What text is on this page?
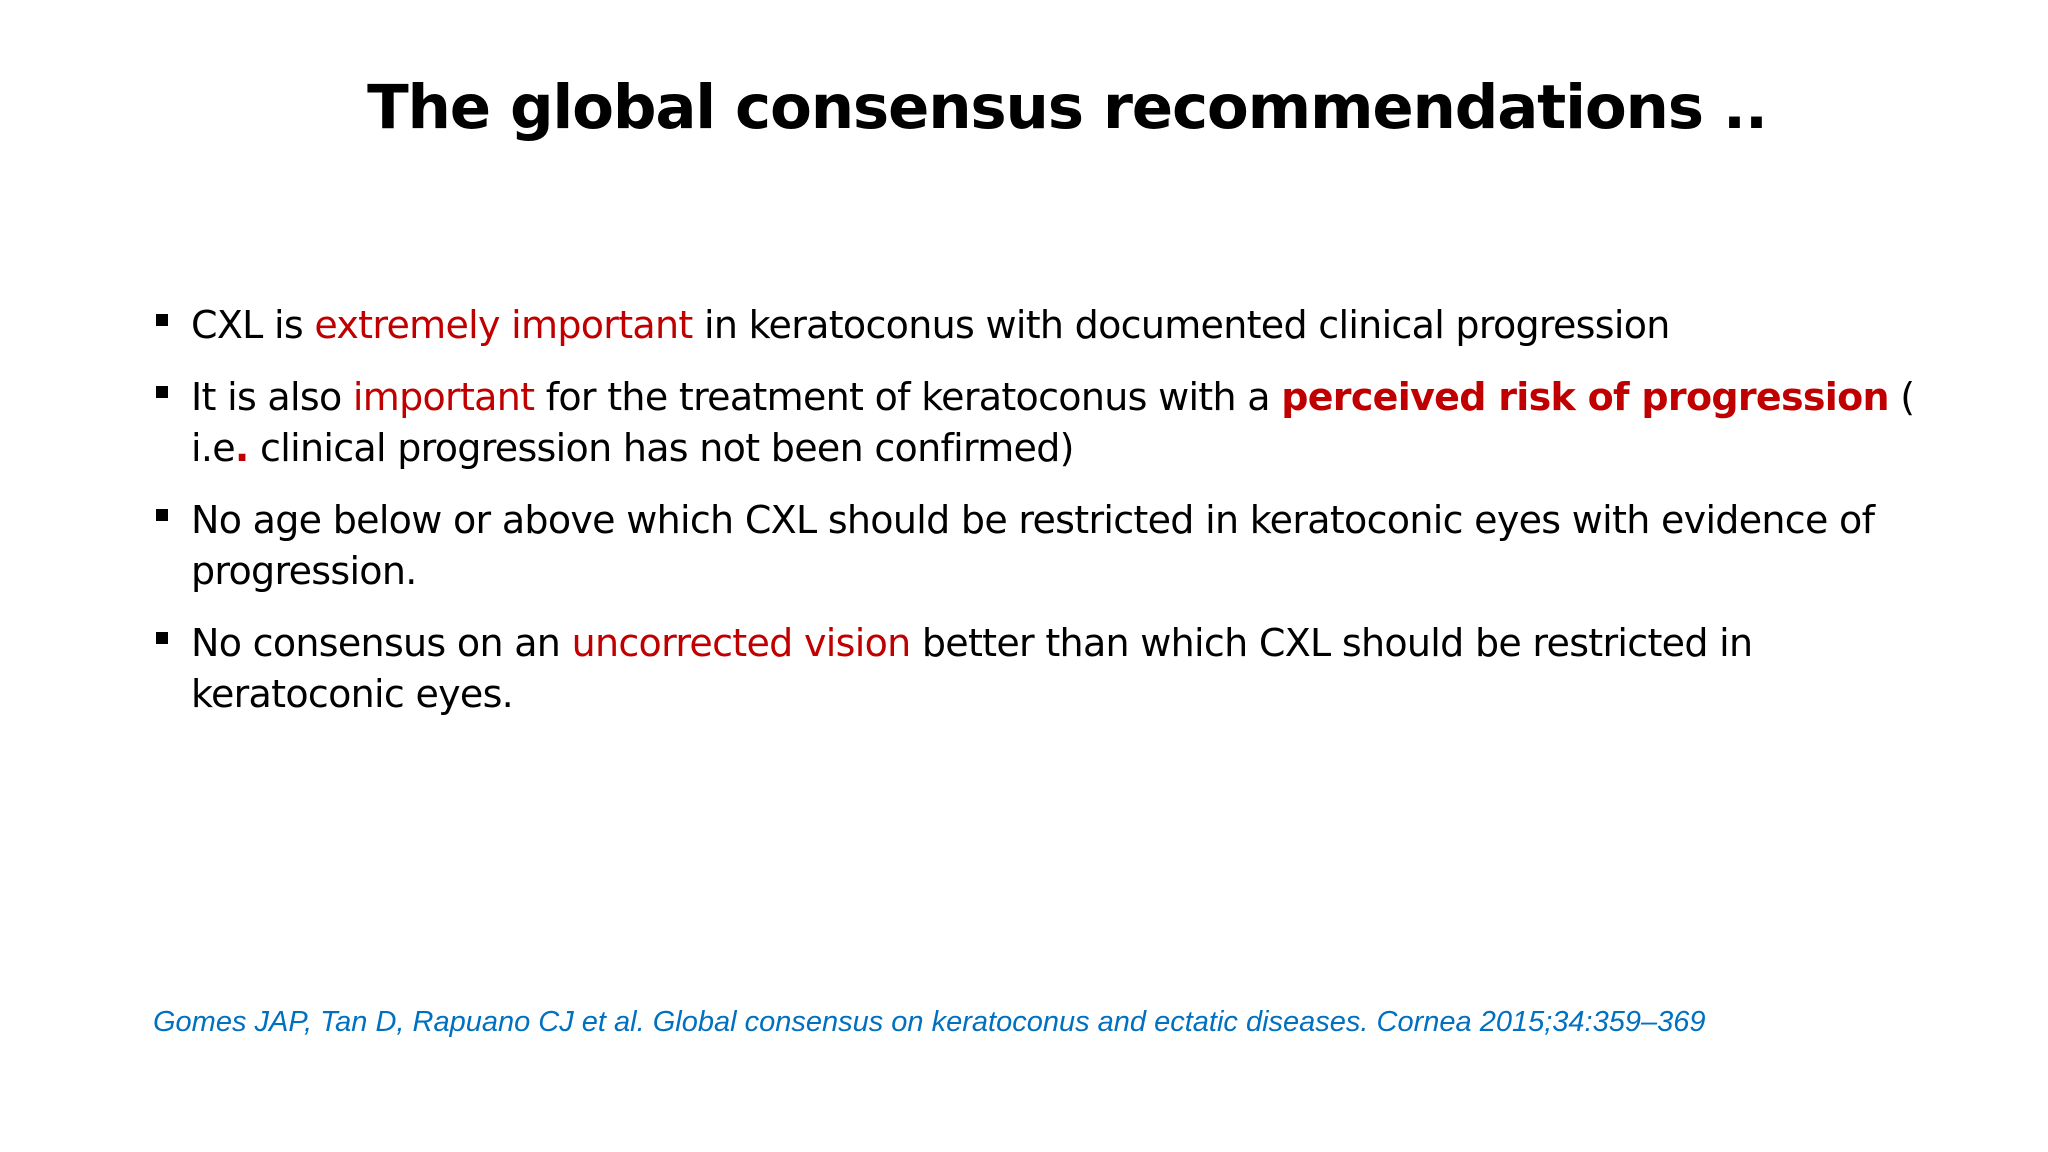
The global consensus recommendations ..
CXL is extremely important in keratoconus with documented clinical progression
It is also important for the treatment of keratoconus with a perceived risk of progression ( i.e. clinical progression has not been confirmed)
No age below or above which CXL should be restricted in keratoconic eyes with evidence of progression.
No consensus on an uncorrected vision better than which CXL should be restricted in keratoconic eyes.
Gomes JAP, Tan D, Rapuano CJ et al. Global consensus on keratoconus and ectatic diseases. Cornea 2015;34:359–369
